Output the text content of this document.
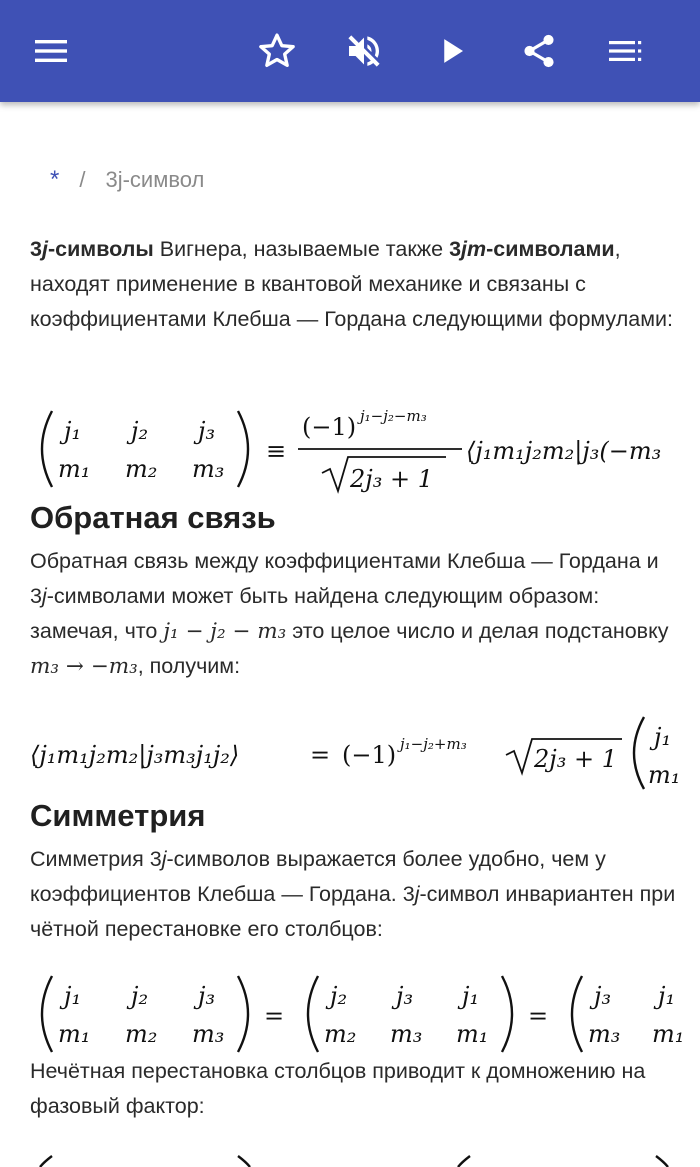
* / 3j-символ

3j-символы Вигнера, называемые также 3jm-символами, находят применение в квантовой механике и связаны с коэффициентами Клебша — Гордана следующими формулами:

j₁ j₂ j₃
m₁ m₂ m₃
≡
(−1) j₁−j₂−m₃
2j₃ + 1
⟨j₁m₁j₂m₂|j₃(−m₃
Обратная связь

Обратная связь между коэффициентами Клебша — Гордана и 3j-символами может быть найдена следующим образом: замечая, что j₁ − j₂ − m₃ это целое число и делая подстановку m₃ → −m₃, получим:

⟨j₁m₁j₂m₂|j₃m₃j₁j₂⟩	= (−1) j₁−j₂+m₃
2j₃ + 1
j₁
m₁
Симметрия

Симметрия 3j-символов выражается более удобно, чем у коэффициентов Клебша — Гордана. 3j-символ инвариантен при чётной перестановке его столбцов:

j₁ j₂ j₃
m₁ m₂ m₃
=
j₂ j₃ j₁
m₂ m₃ m₁
=
j₃ j₁
m₃ m₁

Нечётная перестановка столбцов приводит к домножению на фазовый фактор:
